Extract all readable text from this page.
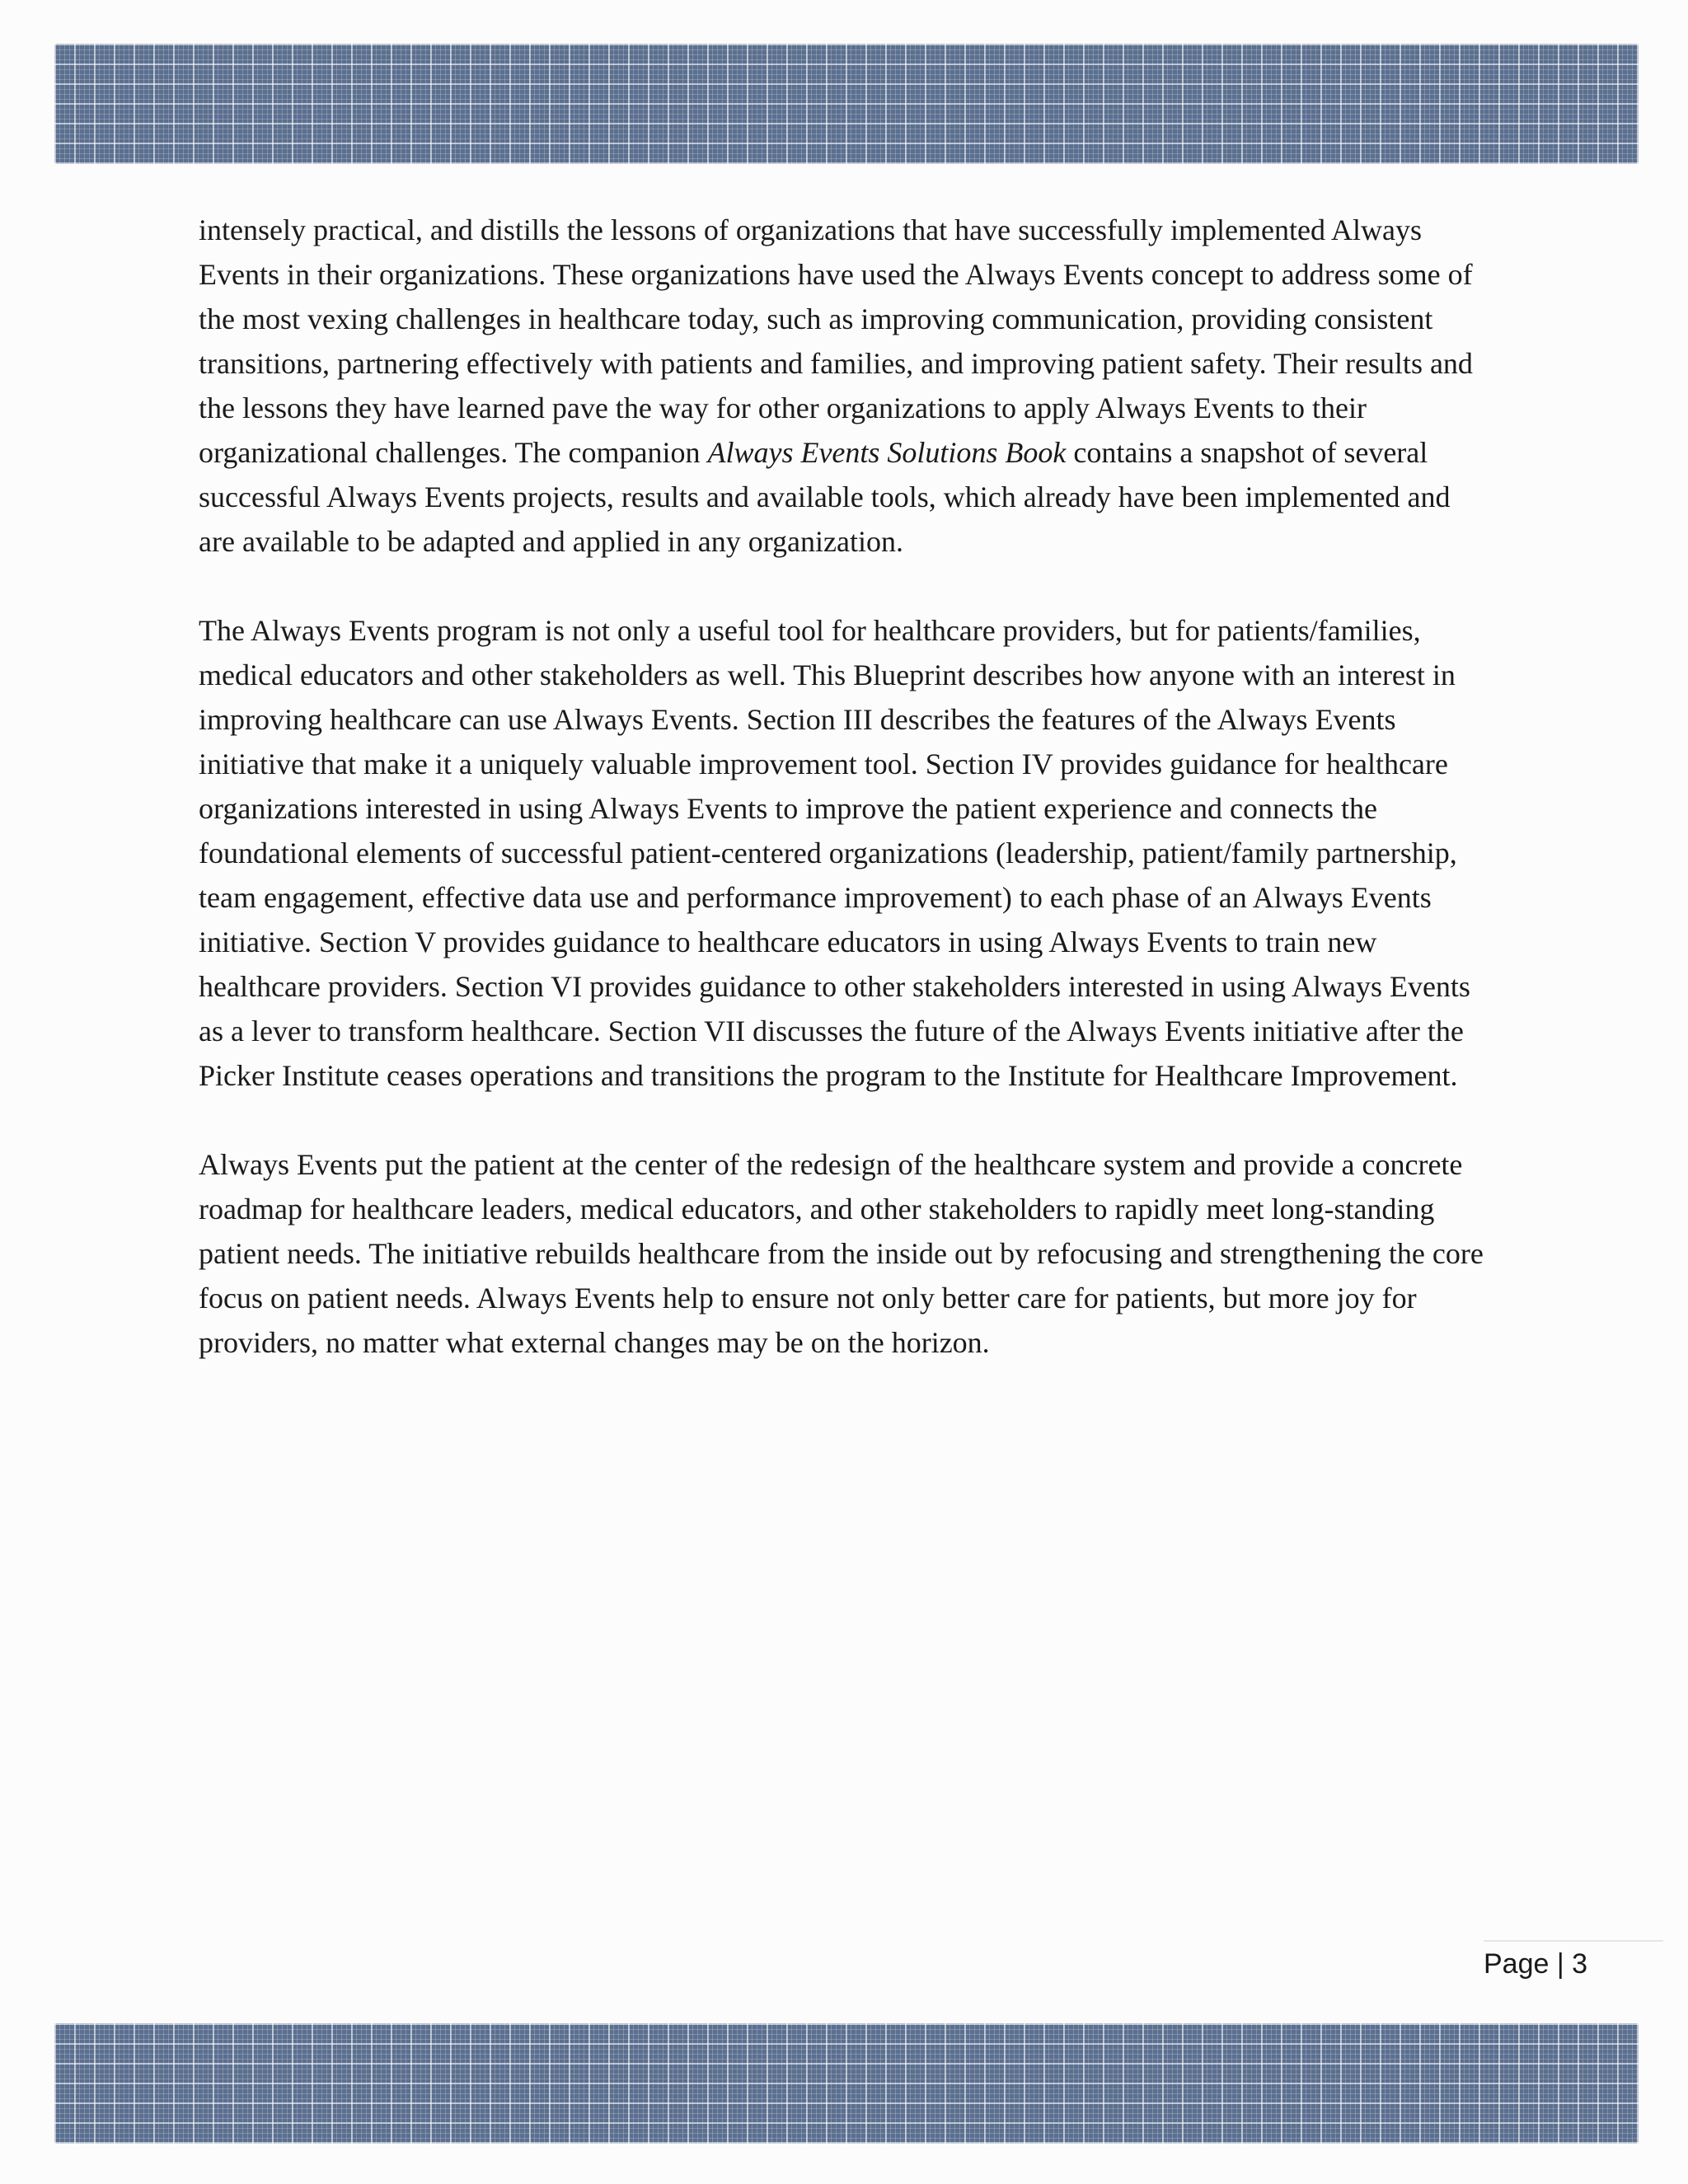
intensely practical, and distills the lessons of organizations that have successfully implemented Always Events in their organizations. These organizations have used the Always Events concept to address some of the most vexing challenges in healthcare today, such as improving communication, providing consistent transitions, partnering effectively with patients and families, and improving patient safety. Their results and the lessons they have learned pave the way for other organizations to apply Always Events to their organizational challenges. The companion Always Events Solutions Book contains a snapshot of several successful Always Events projects, results and available tools, which already have been implemented and are available to be adapted and applied in any organization.

The Always Events program is not only a useful tool for healthcare providers, but for patients/families, medical educators and other stakeholders as well. This Blueprint describes how anyone with an interest in improving healthcare can use Always Events. Section III describes the features of the Always Events initiative that make it a uniquely valuable improvement tool. Section IV provides guidance for healthcare organizations interested in using Always Events to improve the patient experience and connects the foundational elements of successful patient-centered organizations (leadership, patient/family partnership, team engagement, effective data use and performance improvement) to each phase of an Always Events initiative. Section V provides guidance to healthcare educators in using Always Events to train new healthcare providers. Section VI provides guidance to other stakeholders interested in using Always Events as a lever to transform healthcare. Section VII discusses the future of the Always Events initiative after the Picker Institute ceases operations and transitions the program to the Institute for Healthcare Improvement.

Always Events put the patient at the center of the redesign of the healthcare system and provide a concrete roadmap for healthcare leaders, medical educators, and other stakeholders to rapidly meet long-standing patient needs. The initiative rebuilds healthcare from the inside out by refocusing and strengthening the core focus on patient needs. Always Events help to ensure not only better care for patients, but more joy for providers, no matter what external changes may be on the horizon.

Page | 3
